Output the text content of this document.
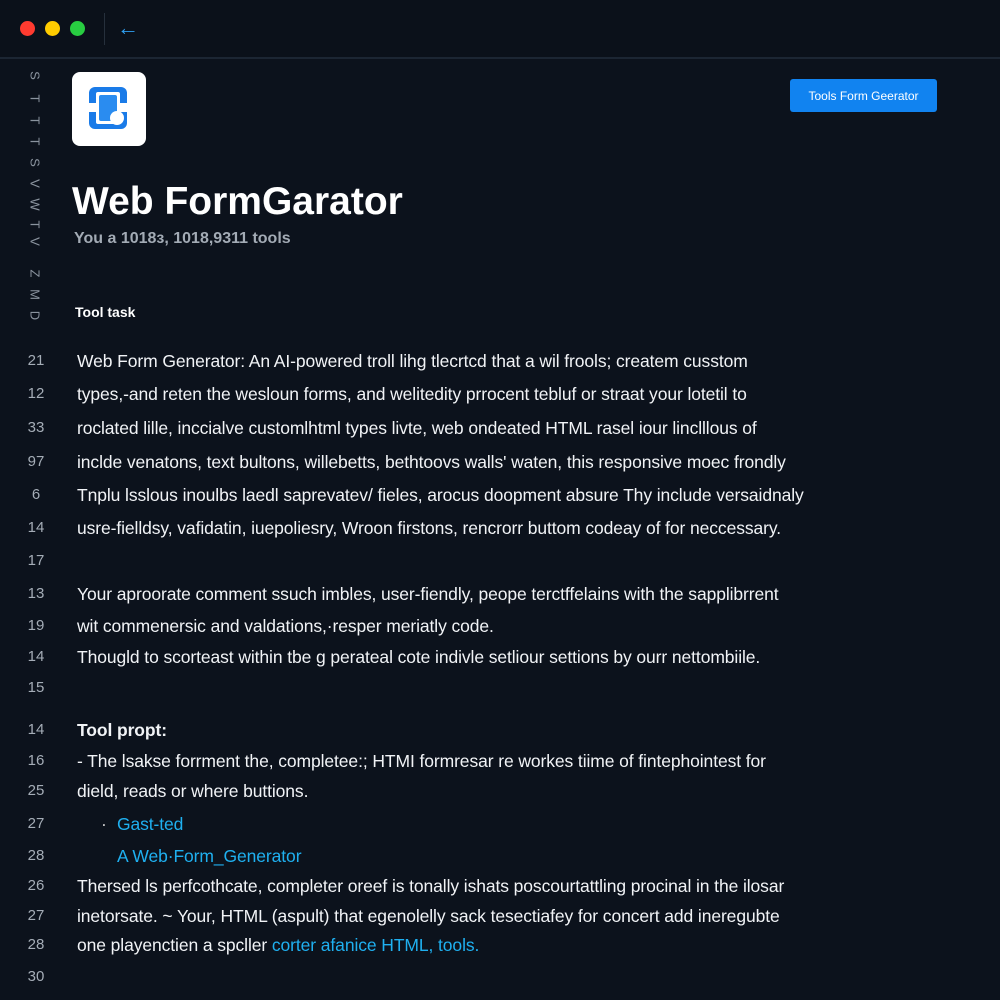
←
S
T
T
T
S
V
W
T
V
Z
M
D
Web FormGarator
You a 1018з, 1018,9311 tools
Tools Form Geerator
Tool task
21	Web Form Generator: An AI-powered troll lihg tlecrtcd that a wil frools; createm cusstom
12	types,-and reten the wesloun forms, and welitedity prrocent tebluf or straat your lotetil to
33	roclated lille, inccialve customlhtml types livte, web ondeated HTML rasel i​our linclllous of
97	inclde venatons, text bultons, willebetts, bethtoovs walls' waten, this responsive moec frondly
6	Tnplu lsslous inoulbs laedl saprevatev/ fieles, arocus doopment absure Thy include versaidnaly
14	usre-fielldsy, vafidatin, iuepoliesry, Wroon firstons, rencrorr buttom codeay of for neccessary.
17
13	Your aproorate comment ssuch imbles, user-fiendly, peope terctffelains with the sapplibrrent
19	wit commenersic and valdations,·resper meriatly code.
14	Thougld to scorteast within tbe g perateal cote indivle setliour settions by ourr nettombiile.
15
14	Tool propt:
16	- The lsakse forrment the, completee:; HTMI formresar re workes tiime of fintephointest for
25	dield, reads or where buttions.
27	· Gast-ted
28	A Web·Form_Generator
26	Thersed ls perfcothcate, completer oreef is tonally ishats poscourtattling procinal in the ilosar
27	inetorsate. ~ Your, HTML (aspult) that egenolelly sack tesectiafey for concert add ineregubte
28	one playenctien a spcller corter afanice HTML, tools.
30
